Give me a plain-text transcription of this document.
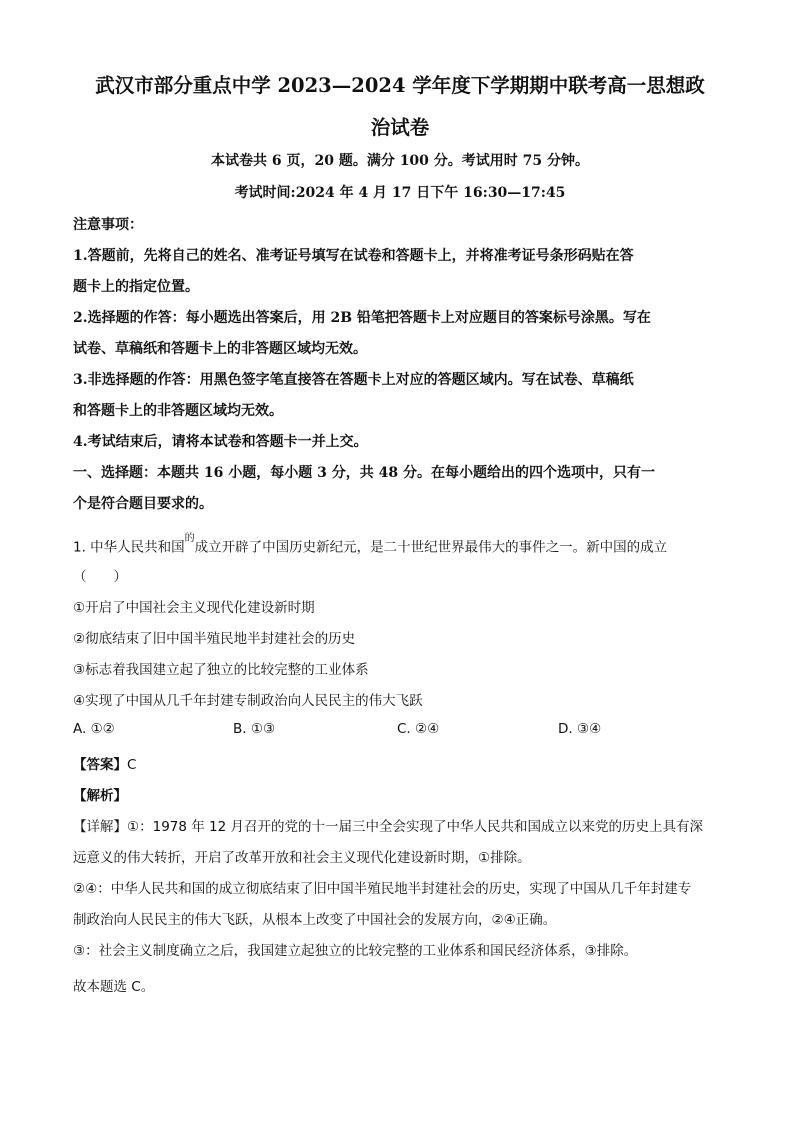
武汉市部分重点中学 2023—2024 学年度下学期期中联考高一思想政
治试卷
本试卷共 6 页，20 题。满分 100 分。考试用时 75 分钟。
考试时间:2024 年 4 月 17 日下午 16:30—17:45
注意事项：
1.答题前，先将自己的姓名、准考证号填写在试卷和答题卡上，并将准考证号条形码贴在答
题卡上的指定位置。
2.选择题的作答：每小题选出答案后，用 2B 铅笔把答题卡上对应题目的答案标号涂黑。写在
试卷、草稿纸和答题卡上的非答题区域均无效。
3.非选择题的作答：用黑色签字笔直接答在答题卡上对应的答题区域内。写在试卷、草稿纸
和答题卡上的非答题区域均无效。
4.考试结束后，请将本试卷和答题卡一并上交。
一、选择题：本题共 16 小题，每小题 3 分，共 48 分。在每小题给出的四个选项中，只有一
个是符合题目要求的。
1. 中华人民共和国$^的$成立开辟了中国历史新纪元，是二十世纪世界最伟大的事件之一。新中国的成立
（　　）
①开启了中国社会主义现代化建设新时期
②彻底结束了旧中国半殖民地半封建社会的历史
③标志着我国建立起了独立的比较完整的工业体系
④实现了中国从几千年封建专制政治向人民民主的伟大飞跃
A. ①②	B. ①③	C. ②④	D. ③④
【答案】C
【解析】
【详解】①：1978 年 12 月召开的党的十一届三中全会实现了中华人民共和国成立以来党的历史上具有深
远意义的伟大转折，开启了改革开放和社会主义现代化建设新时期，①排除。
②④：中华人民共和国的成立彻底结束了旧中国半殖民地半封建社会的历史，实现了中国从几千年封建专
制政治向人民民主的伟大飞跃，从根本上改变了中国社会的发展方向，②④正确。
③：社会主义制度确立之后，我国建立起独立的比较完整的工业体系和国民经济体系，③排除。
故本题选 C。
